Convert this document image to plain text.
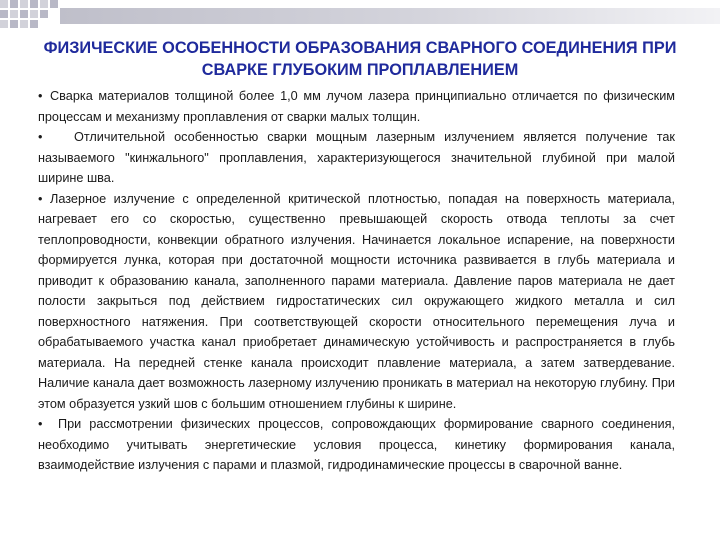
ФИЗИЧЕСКИЕ ОСОБЕННОСТИ ОБРАЗОВАНИЯ СВАРНОГО СОЕДИНЕНИЯ ПРИ
СВАРКЕ ГЛУБОКИМ ПРОПЛАВЛЕНИЕМ

• Сварка материалов толщиной более 1,0 мм лучом лазера принципиально отличается по физическим процессам и механизму проплавления от сварки малых толщин.

• Отличительной особенностью сварки мощным лазерным излучением является получение так называемого "кинжального" проплавления, характеризующегося значительной глубиной при малой ширине шва.

• Лазерное излучение с определенной критической плотностью, попадая на поверхность материала, нагревает его со скоростью, существенно превышающей скорость отвода теплоты за счет теплопроводности, конвекции обратного излучения. Начинается локальное испарение, на поверхности формируется лунка, которая при достаточной мощности источника развивается в глубь материала и приводит к образованию канала, заполненного парами материала. Давление паров материала не дает полости закрыться под действием гидростатических сил окружающего жидкого металла и сил поверхностного натяжения. При соответствующей скорости относительного перемещения луча и обрабатываемого участка канал приобретает динамическую устойчивость и распространяется в глубь материала. На передней стенке канала происходит плавление материала, а затем затвердевание. Наличие канала дает возможность лазерному излучению проникать в материал на некоторую глубину. При этом образуется узкий шов с большим отношением глубины к ширине.

• При рассмотрении физических процессов, сопровождающих формирование сварного соединения, необходимо учитывать энергетические условия процесса, кинетику формирования канала, взаимодействие излучения с парами и плазмой, гидродинамические процессы в сварочной ванне.
